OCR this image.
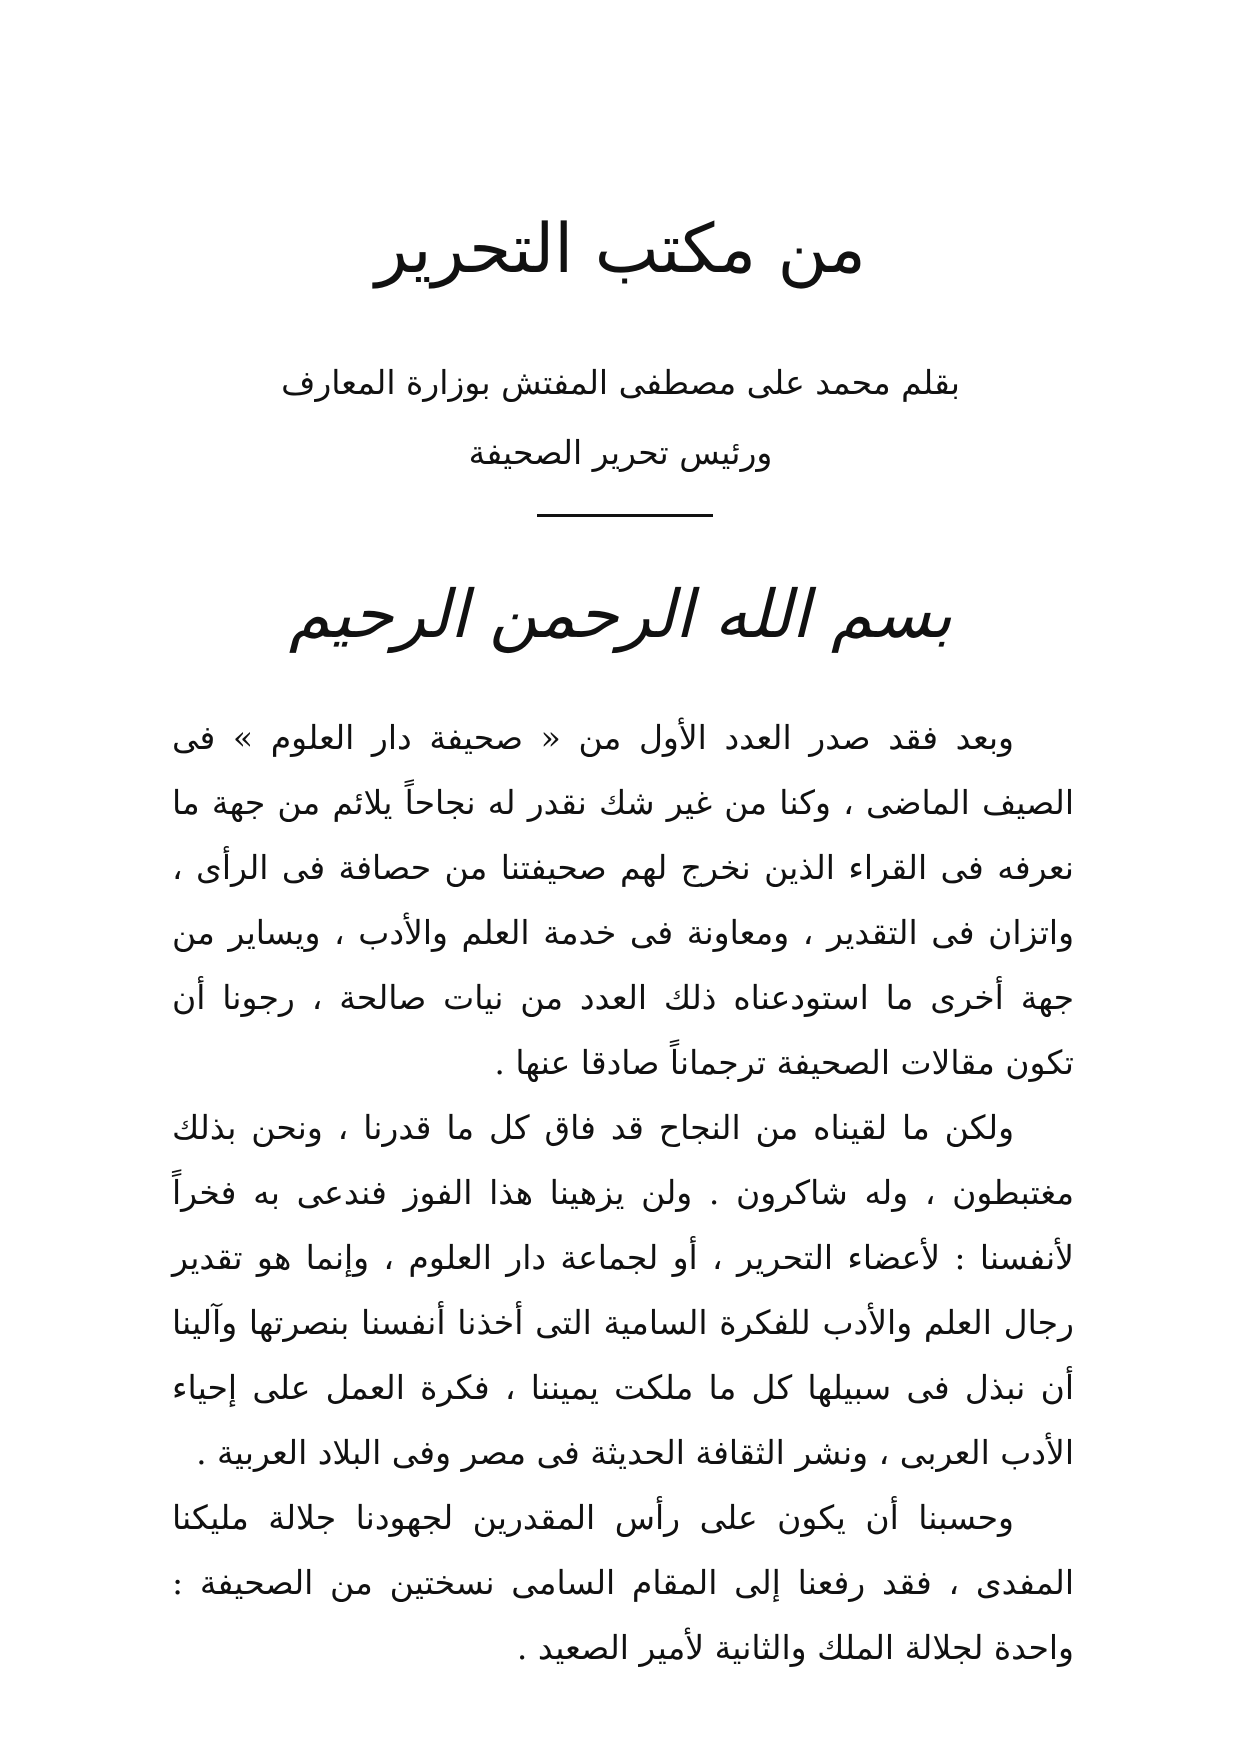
من مكتب التحرير
بقلم محمد على مصطفى المفتش بوزارة المعارف
ورئيس تحرير الصحيفة
بسم الله الرحمن الرحيم

وبعد فقد صدر العدد الأول من « صحيفة دار العلوم » فى الصيف الماضى ، وكنا من غير شك نقدر له نجاحاً يلائم من جهة ما نعرفه فى القراء الذين نخرج لهم صحيفتنا من حصافة فى الرأى ، واتزان فى التقدير ، ومعاونة فى خدمة العلم والأدب ، ويساير من جهة أخرى ما استودعناه ذلك العدد من نيات صالحة ، رجونا أن تكون مقالات الصحيفة ترجماناً صادقا عنها .

ولكن ما لقيناه من النجاح قد فاق كل ما قدرنا ، ونحن بذلك مغتبطون ، وله شاكرون . ولن يزهينا هذا الفوز فندعى به فخراً لأنفسنا : لأعضاء التحرير ، أو لجماعة دار العلوم ، وإنما هو تقدير رجال العلم والأدب للفكرة السامية التى أخذنا أنفسنا بنصرتها وآلينا أن نبذل فى سبيلها كل ما ملكت يميننا ، فكرة العمل على إحياء الأدب العربى ، ونشر الثقافة الحديثة فى مصر وفى البلاد العربية .

وحسبنا أن يكون على رأس المقدرين لجهودنا جلالة مليكنا المفدى ، فقد رفعنا إلى المقام السامى نسختين من الصحيفة : واحدة لجلالة الملك والثانية لأمير الصعيد .
